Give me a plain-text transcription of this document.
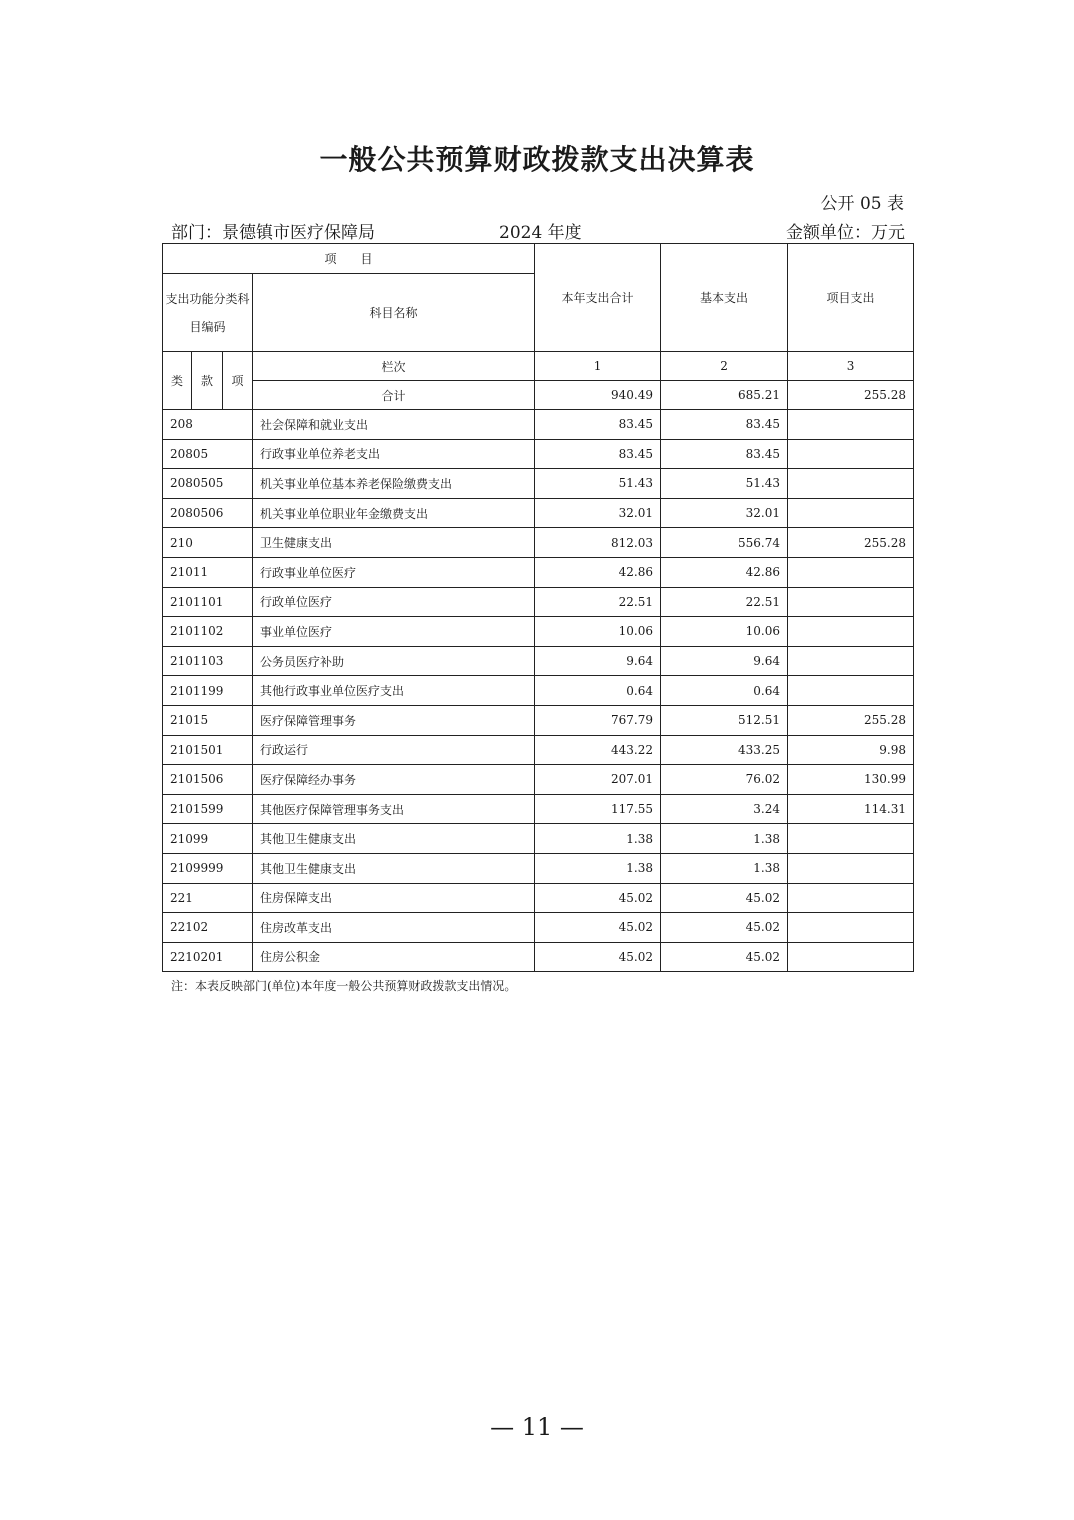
一般公共预算财政拨款支出决算表
公开 05 表
部门：景德镇市医疗保障局	2024 年度	金额单位：万元
项　　目				本年支出合计	基本支出	项目支出
支出功能分类科目编码			科目名称			
类	款	项	栏次	1	2	3
			合计	940.49	685.21	255.28
208			社会保障和就业支出	83.45	83.45	
20805			行政事业单位养老支出	83.45	83.45	
2080505			机关事业单位基本养老保险缴费支出	51.43	51.43	
2080506			机关事业单位职业年金缴费支出	32.01	32.01	
210			卫生健康支出	812.03	556.74	255.28
21011			行政事业单位医疗	42.86	42.86	
2101101			行政单位医疗	22.51	22.51	
2101102			事业单位医疗	10.06	10.06	
2101103			公务员医疗补助	9.64	9.64	
2101199			其他行政事业单位医疗支出	0.64	0.64	
21015			医疗保障管理事务	767.79	512.51	255.28
2101501			行政运行	443.22	433.25	9.98
2101506			医疗保障经办事务	207.01	76.02	130.99
2101599			其他医疗保障管理事务支出	117.55	3.24	114.31
21099			其他卫生健康支出	1.38	1.38	
2109999			其他卫生健康支出	1.38	1.38	
221			住房保障支出	45.02	45.02	
22102			住房改革支出	45.02	45.02	
2210201			住房公积金	45.02	45.02	
注：本表反映部门(单位)本年度一般公共预算财政拨款支出情况。
— 11 —
